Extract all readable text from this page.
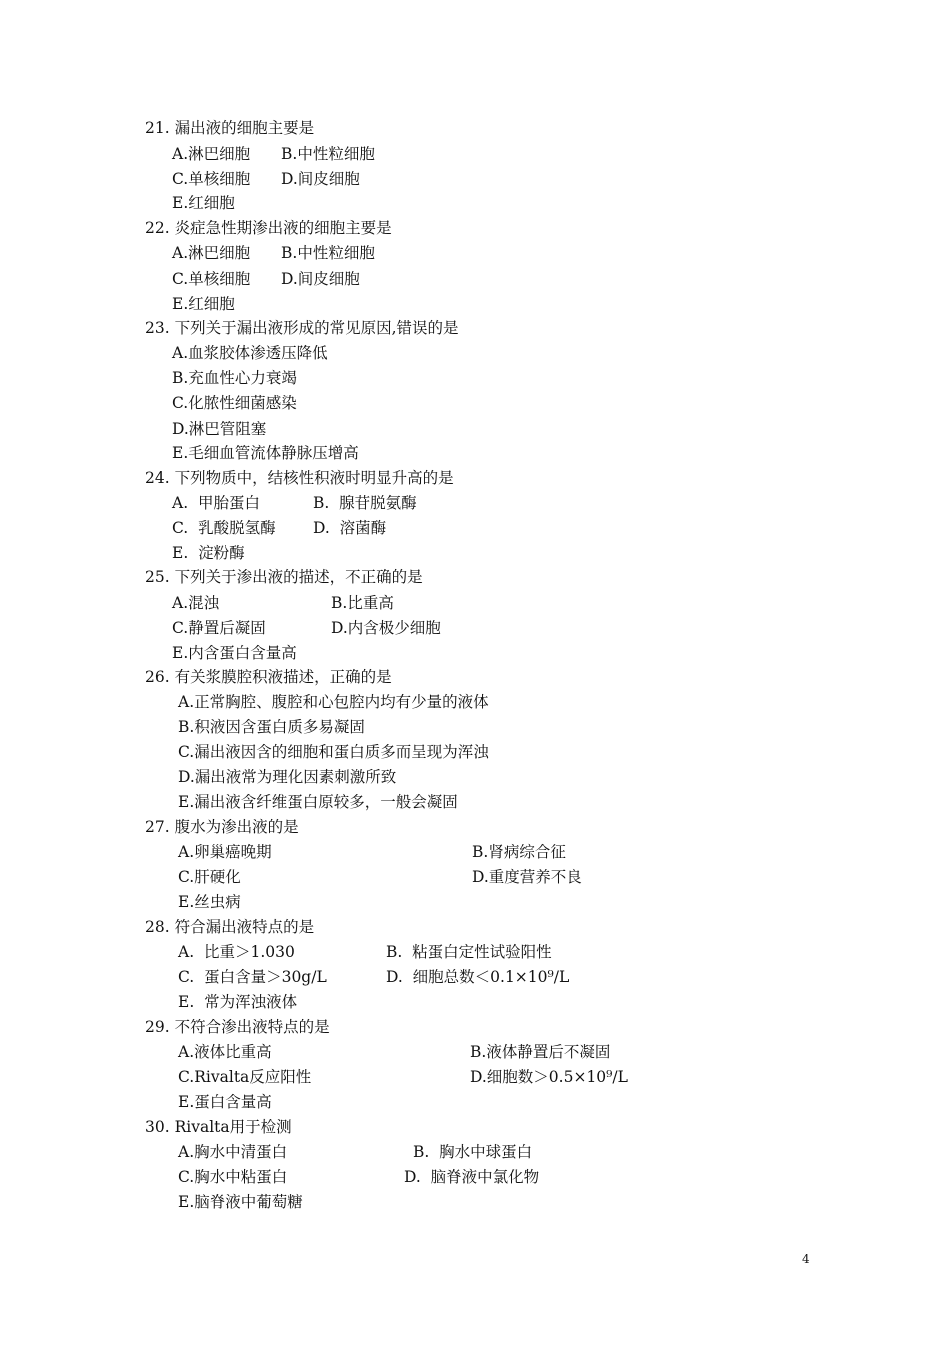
21. 漏出液的细胞主要是
A.淋巴细胞 B.中性粒细胞
C.单核细胞 D.间皮细胞
E.红细胞
22. 炎症急性期渗出液的细胞主要是
A.淋巴细胞 B.中性粒细胞
C.单核细胞 D.间皮细胞
E.红细胞
23. 下列关于漏出液形成的常见原因,错误的是
A.血浆胶体渗透压降低
B.充血性心力衰竭
C.化脓性细菌感染
D.淋巴管阻塞
E.毛细血管流体静脉压增高
24. 下列物质中，结核性积液时明显升高的是
A.  甲胎蛋白	B.  腺苷脱氨酶
C.  乳酸脱氢酶 D.  溶菌酶
E.  淀粉酶
25. 下列关于渗出液的描述，不正确的是
A.混浊	B.比重高
C.静置后凝固	D.内含极少细胞
E.内含蛋白含量高
26. 有关浆膜腔积液描述，正确的是
A.正常胸腔、腹腔和心包腔内均有少量的液体
B.积液因含蛋白质多易凝固
C.漏出液因含的细胞和蛋白质多而呈现为浑浊
D.漏出液常为理化因素刺激所致
E.漏出液含纤维蛋白原较多，一般会凝固
27. 腹水为渗出液的是
A.卵巢癌晚期	B.肾病综合征
C.肝硬化	D.重度营养不良
E.丝虫病
28. 符合漏出液特点的是
A.  比重＞1.030	B.  粘蛋白定性试验阳性
C.  蛋白含量＞30g/L	D.  细胞总数＜0.1×10⁹/L
E.  常为浑浊液体
29. 不符合渗出液特点的是
A.液体比重高	B.液体静置后不凝固
C.Rivalta反应阳性	D.细胞数＞0.5×10⁹/L
E.蛋白含量高
30. Rivalta用于检测
A.胸水中清蛋白	B.  胸水中球蛋白
C.胸水中粘蛋白	D.  脑脊液中氯化物
E.脑脊液中葡萄糖
4
